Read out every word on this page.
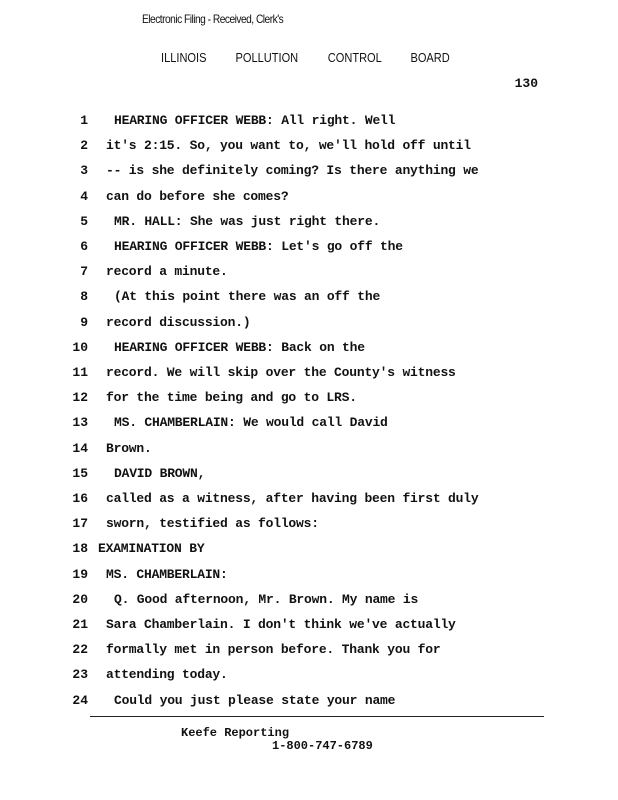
Electronic Filing - Received, Clerk's
ILLINOIS POLLUTION CONTROL BOARD
130
1 HEARING OFFICER WEBB: All right. Well
2 it's 2:15. So, you want to, we'll hold off until
3 -- is she definitely coming? Is there anything we
4 can do before she comes?
5 MR. HALL: She was just right there.
6 HEARING OFFICER WEBB: Let's go off the
7 record a minute.
8 (At this point there was an off the
9 record discussion.)
10 HEARING OFFICER WEBB: Back on the
11 record. We will skip over the County's witness
12 for the time being and go to LRS.
13 MS. CHAMBERLAIN: We would call David
14 Brown.
15 DAVID BROWN,
16 called as a witness, after having been first duly
17 sworn, testified as follows:
18 EXAMINATION BY
19 MS. CHAMBERLAIN:
20 Q. Good afternoon, Mr. Brown. My name is
21 Sara Chamberlain. I don't think we've actually
22 formally met in person before. Thank you for
23 attending today.
24 Could you just please state your name
Keefe Reporting
1-800-747-6789
